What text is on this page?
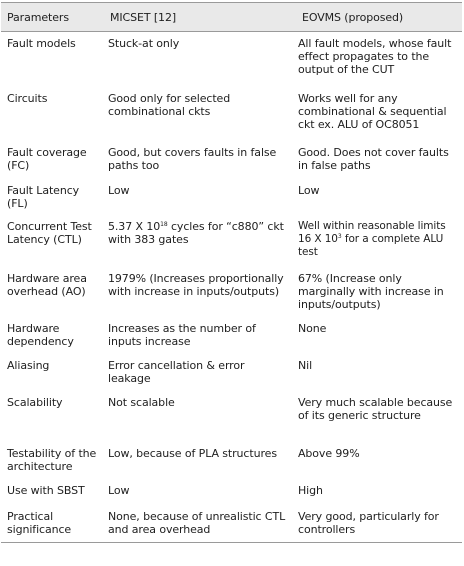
Parameters	MICSET [12]	EOVMS (proposed)
Fault models	Stuck-at only	All fault models, whose fault effect propagates to the output of the CUT
Circuits	Good only for selected combinational ckts	Works well for any combinational & sequential ckt ex. ALU of OC8051
Fault coverage (FC)	Good, but covers faults in false paths too	Good. Does not cover faults in false paths
Fault Latency (FL)	Low	Low
Concurrent Test Latency (CTL)	5.37 X $10^{18}$ cycles for “c880” ckt with 383 gates	Well within reasonable limits 16 X $10^3$ for a complete ALU test
Hardware area overhead (AO)	1979% (Increases proportionally with increase in inputs/outputs)	67% (Increase only marginally with increase in inputs/outputs)
Hardware dependency	Increases as the number of inputs increase	None
Aliasing	Error cancellation & error leakage	Nil
Scalability	Not scalable	Very much scalable because of its generic structure
Testability of the architecture	Low, because of PLA structures	Above 99%
Use with SBST	Low	High
Practical significance	None, because of unrealistic CTL and area overhead	Very good, particularly for controllers
